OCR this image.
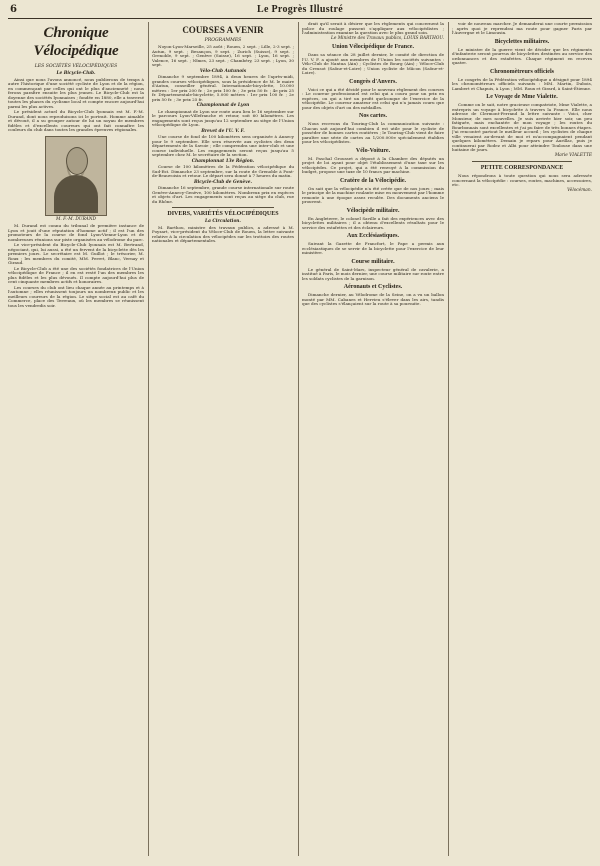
6	Le Progrès Illustré
Chronique Vélocipédique
LES SOCIÉTÉS VÉLOCIPÉDIQUES
Le Bicycle-Club.

Ainsi que nous l'avons annoncé, nous publierons de temps à autre l'historique d'une société cycliste de Lyon et de la région, en commençant par celles qui ont le plus d'ancienneté ; nous ferons paraître ensuite les plus jeunes. Le Bicycle-Club est la doyenne des sociétés lyonnaises ; fondée en 1880, elle a traversé toutes les phases du cyclisme local et compte encore aujourd'hui parmi les plus actives.

Le président actuel du Bicycle-Club lyonnais est M. F.-M. Durand, dont nous reproduisons ici le portrait. Homme aimable et dévoué, il a su grouper autour de lui un noyau de membres fidèles et d'excellents coureurs qui ont fait connaître les couleurs du club dans toutes les grandes épreuves régionales.

M. F.-M. DURAND

M. Durand est connu du tribunal de première instance de Lyon et jouit d'une réputation d'homme actif ; il est l'un des promoteurs de la course de fond Lyon-Vienne-Lyon et de nombreuses réunions sur piste organisées au vélodrome du parc.

Le vice-président du Bicycle-Club lyonnais est M. Bertrand, négociant, qui, lui aussi, a été un fervent de la bicyclette dès les premiers jours. Le secrétaire est M. Guillot ; le trésorier, M. Roux ; les membres du comité, MM. Perret, Blanc, Vernay et Giraud.

Le Bicycle-Club a été une des sociétés fondatrices de l'Union vélocipédique de France ; il en est resté l'un des membres les plus fidèles et les plus dévoués. Il compte aujourd'hui plus de cent cinquante membres actifs et honoraires.

Les courses du club ont lieu chaque année au printemps et à l'automne ; elles réunissent toujours un nombreux public et les meilleurs coureurs de la région. Le siège social est au café du Commerce, place des Terreaux, où les membres se réunissent tous les vendredis soir.

COURSES A VENIR
PROGRAMMES

Noyon-Lyon-Marseille, 25 août ; Rouen, 2 sept. ; Lille, 2-3 sept. ; Autun, 9 sept. ; Besançon, 9 sept. ; Zurich (Suisse), 9 sept. ; Grenoble, 9 sept. ; Genève (Suisse), 16 sept. ; Lyon, 16 sept. ; Valence, 16 sept. ; Nîmes, 23 sept. ; Chambéry, 23 sept. ; Lyon, 30 sept.

Vélo-Club Autunois

Dimanche 9 septembre 1894, à deux heures de l'après-midi, grandes courses vélocipédiques, sous la présidence de M. le maire d'Autun, conseiller général. Internationale-bicyclette, 10.000 mètres : 1er prix 200 fr. ; 2e prix 100 fr. ; 3e prix 50 fr. ; 4e prix 25 fr. Départementale-bicyclette, 5.000 mètres : 1er prix 100 fr. ; 2e prix 50 fr. ; 3e prix 25 fr.

Championnat de Lyon

Le championnat de Lyon sur route aura lieu le 16 septembre sur le parcours Lyon-Villefranche et retour, soit 60 kilomètres. Les engagements sont reçus jusqu'au 12 septembre au siège de l'Union vélocipédique de Lyon.

Brevet de l'U. V. F.

Une course de fond de 100 kilomètres sera organisée à Annecy pour le 9 septembre. Elle sera réservée aux cyclistes des deux départements de la Savoie ; elle comprendra une inter-club et une course individuelle. Les engagements seront reçus jusqu'au 5 septembre chez M. le secrétaire de la section.

Championnat 13e Région.

Course de 100 kilomètres de la Fédération vélocipédique du Sud-Est. Dimanche 23 septembre, sur la route de Grenoble à Pont-de-Beauvoisin et retour. Le départ sera donné à 7 heures du matin.

Bicycle-Club de Genève.

Dimanche 16 septembre, grande course internationale sur route Genève-Annecy-Genève, 100 kilomètres. Nombreux prix en espèces et objets d'art. Les engagements sont reçus au siège du club, rue du Rhône.

DIVERS, VARIÉTÉS VÉLOCIPÉDIQUES
La Circulation.

M. Barthou, ministre des travaux publics, a adressé à M. Poyzart, vice-président du Véloce-Club de Rouen, la lettre suivante relative à la circulation des vélocipèdes sur les trottoirs des routes nationales et départementales.

drait qu'il serait à désirer que les règlements qui concernent la police du roulage pussent s'appliquer aux vélocipédistes ; l'administration examine la question avec le plus grand soin.

Le Ministre des Travaux publics, LOUIS BARTHOU.
Union Vélocipédique de France.

Dans sa séance du 28 juillet dernier, le comité de direction de l'U. V. F. a ajouté aux membres de l'Union les sociétés suivantes : Vélo-Club de Nantua (Ain) ; Cyclistes de Bourg (Ain) ; Véloce-Club du Creusot (Saône-et-Loire) ; Union cycliste de Mâcon (Saône-et-Loire).

Congrès d'Anvers.

Voici ce qui a été décidé pour le nouveau règlement des courses : Le coureur professionnel est celui qui a couru pour un prix en espèces, ou qui a tiré un profit quelconque de l'exercice de la vélocipédie. Le coureur amateur est celui qui n'a jamais couru que pour des objets d'art ou des médailles.

Nos cartes.

Nous recevons du Touring-Club la communication suivante : Chacun sait aujourd'hui combien il est utile pour le cycliste de posséder de bonnes cartes routières ; le Touring-Club vient de faire paraître une série de cartes au 1/200.000e spécialement établies pour les vélocipédistes.

Vélo-Voiture.

M. Paschal Grousset a déposé à la Chambre des députés un projet de loi ayant pour objet l'établissement d'une taxe sur les vélocipèdes. Ce projet, qui a été renvoyé à la commission du budget, propose une taxe de 10 francs par machine.

Cratère de la Vélocipédie.

On sait que la vélocipédie n'a été créée que de nos jours ; mais le principe de la machine roulante mise en mouvement par l'homme remonte à une époque assez reculée. Des documents anciens le prouvent.

Vélocipède militaire.

En Angleterre, le colonel Saville a fait des expériences avec des bicyclettes militaires ; il a obtenu d'excellents résultats pour le service des estafettes et des éclaireurs.

Aux Ecclésiastiques.

Suivant la Gazette de Francfort, le Pape a permis aux ecclésiastiques de se servir de la bicyclette pour l'exercice de leur ministère.

Course militaire.

Le général de Saint-Mars, inspecteur général de cavalerie, a institué à Paris, le mois dernier, une course militaire sur route entre les soldats cyclistes de la garnison.

Aéronauts et Cyclistes.

Dimanche dernier, au Vélodrome de la Seine, on a vu un ballon monté par MM. Cabanes et Hervieu s'élever dans les airs, tandis que des cyclistes s'élançaient sur la route à sa poursuite.

voir de nouveau marcher. Je demanderai une courte permission ; après quoi je reprendrai ma route pour gagner Paris par l'Auvergne et le Limousin.

Bicyclettes militaires.

Le ministre de la guerre vient de décider que les régiments d'infanterie seront pourvus de bicyclettes destinées au service des ordonnances et des estafettes. Chaque régiment en recevra quatre.

Chronomètreurs officiels

Le congrès de la Fédération vélocipédique a désigné pour 1894 les chronomètreurs officiels suivants : MM. Martin, Dubois, Lambert et Chapuis, à Lyon ; MM. Roux et Girard, à Saint-Étienne.

Le Voyage de Mme Vialette.

Comme on le sait, notre gracieuse compatriote, Mme Vialette, a entrepris un voyage à bicyclette à travers la France. Elle nous adresse de Clermont-Ferrand la lettre suivante : Voici, cher Monsieur, de mes nouvelles. Je suis arrivée hier soir, un peu fatiguée, mais enchantée de mon voyage ; les routes du Bourbonnais sont excellentes et j'ai pu faire de très bonnes étapes. J'ai rencontré partout le meilleur accueil ; les cyclistes de chaque ville venaient au-devant de moi et m'accompagnaient pendant quelques kilomètres. Demain je repars pour Aurillac, puis je continuerai par Rodez et Albi pour atteindre Toulouse dans une huitaine de jours.

Marie VIALETTE
PETITE CORRESPONDANCE

Nous répondrons à toute question qui nous sera adressée concernant la vélocipédie : courses, routes, machines, accessoires, etc.

Vélocéman.
